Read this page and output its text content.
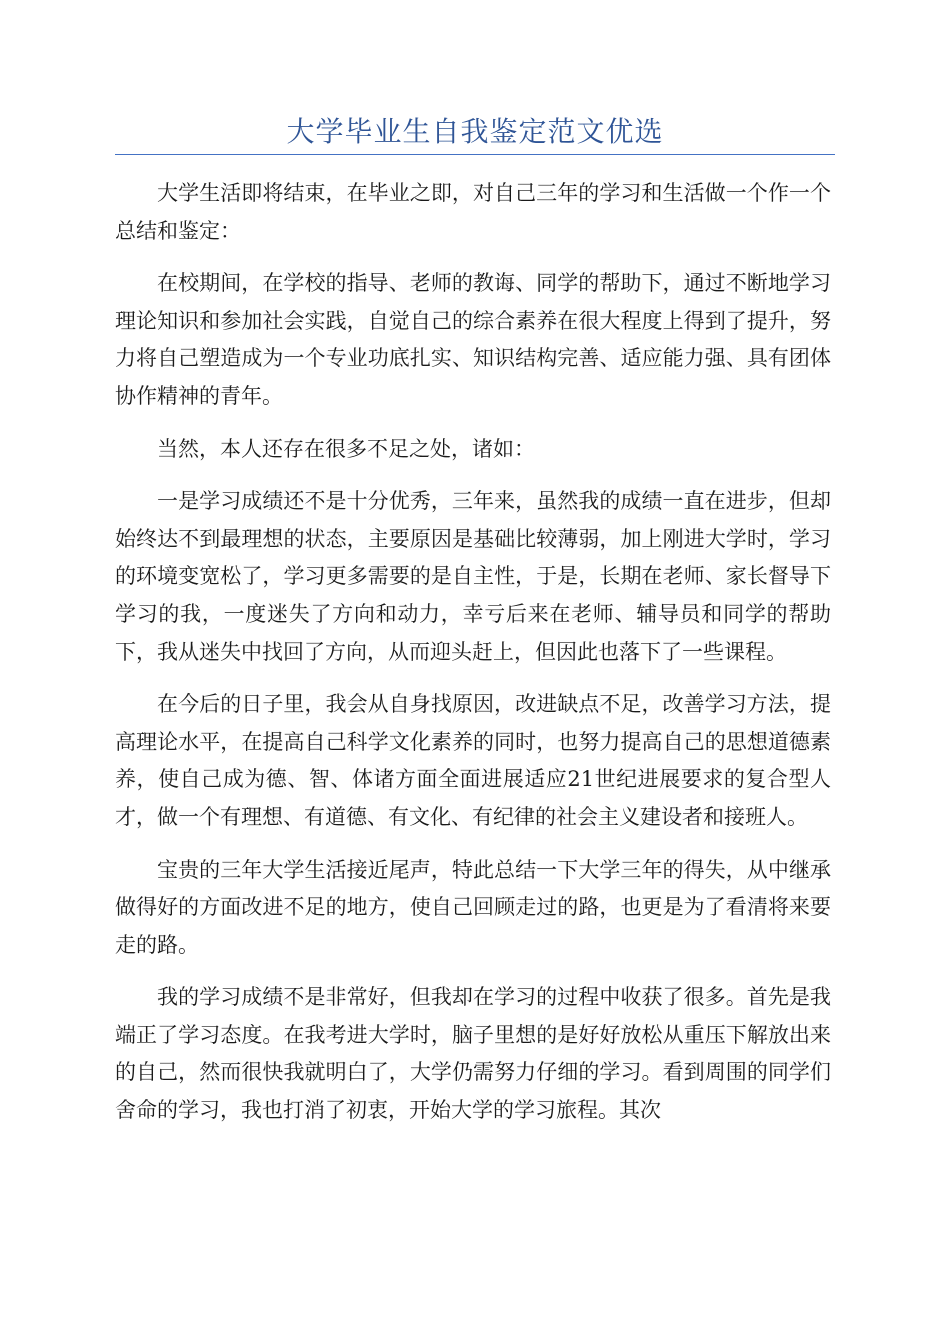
大学毕业生自我鉴定范文优选

大学生活即将结束，在毕业之即，对自己三年的学习和生活做一个作一个总结和鉴定：

在校期间，在学校的指导、老师的教诲、同学的帮助下，通过不断地学习理论知识和参加社会实践，自觉自己的综合素养在很大程度上得到了提升，努力将自己塑造成为一个专业功底扎实、知识结构完善、适应能力强、具有团体协作精神的青年。

当然，本人还存在很多不足之处，诸如：

一是学习成绩还不是十分优秀，三年来，虽然我的成绩一直在进步，但却始终达不到最理想的状态，主要原因是基础比较薄弱，加上刚进大学时，学习的环境变宽松了，学习更多需要的是自主性，于是，长期在老师、家长督导下学习的我，一度迷失了方向和动力，幸亏后来在老师、辅导员和同学的帮助下，我从迷失中找回了方向，从而迎头赶上，但因此也落下了一些课程。

在今后的日子里，我会从自身找原因，改进缺点不足，改善学习方法，提高理论水平，在提高自己科学文化素养的同时，也努力提高自己的思想道德素养，使自己成为德、智、体诸方面全面进展适应21世纪进展要求的复合型人才，做一个有理想、有道德、有文化、有纪律的社会主义建设者和接班人。

宝贵的三年大学生活接近尾声，特此总结一下大学三年的得失，从中继承做得好的方面改进不足的地方，使自己回顾走过的路，也更是为了看清将来要走的路。

我的学习成绩不是非常好，但我却在学习的过程中收获了很多。首先是我端正了学习态度。在我考进大学时，脑子里想的是好好放松从重压下解放出来的自己，然而很快我就明白了，大学仍需努力仔细的学习。看到周围的同学们舍命的学习，我也打消了初衷，开始大学的学习旅程。其次
